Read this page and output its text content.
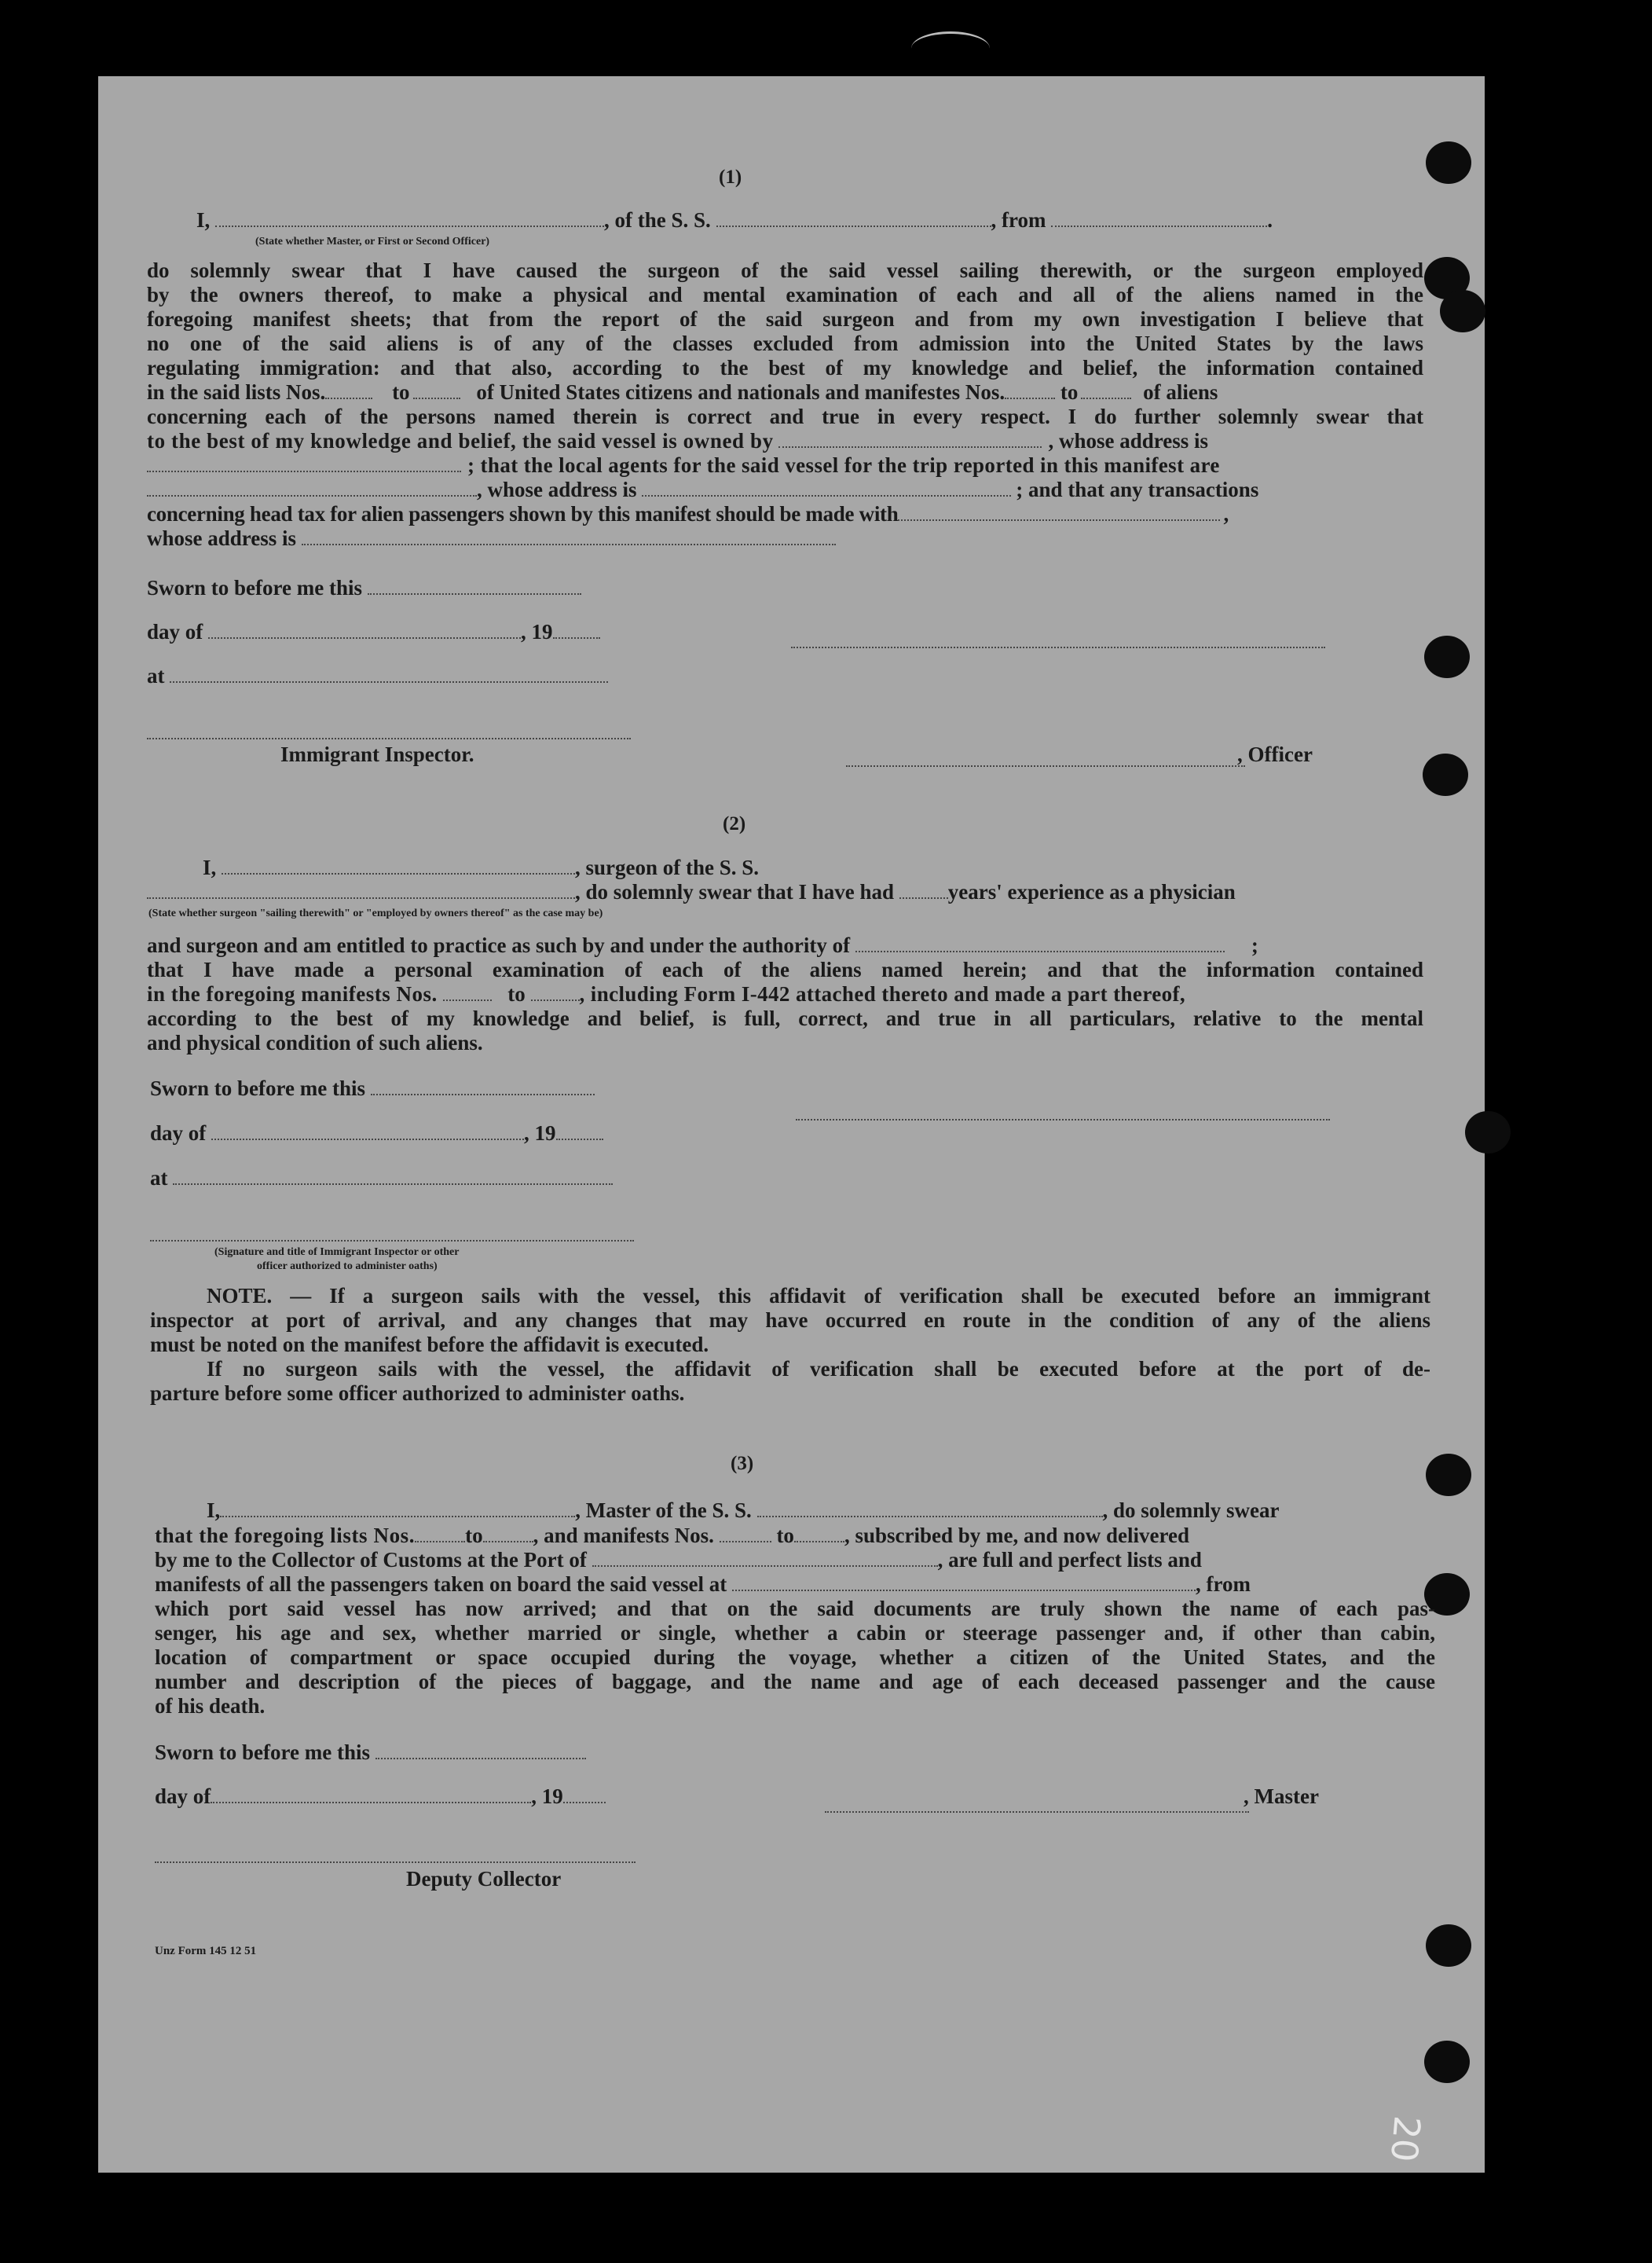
(1)
I,	, of the S. S.	, from	.
(State whether Master, or First or Second Officer)
do solemnly swear that I have caused the surgeon of the said vessel sailing therewith, or the surgeon employed
by the owners thereof, to make a physical and mental examination of each and all of the aliens named in the
foregoing manifest sheets; that from the report of the said surgeon and from my own investigation I believe that
no one of the said aliens is of any of the classes excluded from admission into the United States by the laws
regulating immigration: and that also, according to the best of my knowledge and belief, the information contained
in the said lists Nos.	to	of United States citizens and nationals and manifestes Nos.	to	of aliens
concerning each of the persons named therein is correct and true in every respect. I do further solemnly swear that
to the best of my knowledge and belief, the said vessel is owned by	, whose address is
; that the local agents for the said vessel for the trip reported in this manifest are
, whose address is	; and that any transactions
concerning head tax for alien passengers shown by this manifest should be made with	,
whose address is
Sworn to before me this
day of	, 19
at
Immigrant Inspector.	, Officer
(2)
I,	, surgeon of the S. S.
, do solemnly swear that I have had	years' experience as a physician
(State whether surgeon "sailing therewith" or "employed by owners thereof" as the case may be)
and surgeon and am entitled to practice as such by and under the authority of	;
that I have made a personal examination of each of the aliens named herein; and that the information contained
in the foregoing manifests Nos.	to	, including Form I-442 attached thereto and made a part thereof,
according to the best of my knowledge and belief, is full, correct, and true in all particulars, relative to the mental
and physical condition of such aliens.
Sworn to before me this
day of	, 19
at
(Signature and title of Immigrant Inspector or other
officer authorized to administer oaths)
NOTE. — If a surgeon sails with the vessel, this affidavit of verification shall be executed before an immigrant
inspector at port of arrival, and any changes that may have occurred en route in the condition of any of the aliens
must be noted on the manifest before the affidavit is executed.
If no surgeon sails with the vessel, the affidavit of verification shall be executed before at the port of de-
parture before some officer authorized to administer oaths.
(3)
I,	, Master of the S. S.	, do solemnly swear
that the foregoing lists Nos. to , and manifests Nos.	to , subscribed by me, and now delivered
by me to the Collector of Customs at the Port of	, are full and perfect lists and
manifests of all the passengers taken on board the said vessel at	, from
which port said vessel has now arrived; and that on the said documents are truly shown the name of each pas-
senger, his age and sex, whether married or single, whether a cabin or steerage passenger and, if other than cabin,
location of compartment or space occupied during the voyage, whether a citizen of the United States, and the
number and description of the pieces of baggage, and the name and age of each deceased passenger and the cause
of his death.
Sworn to before me this
day of	, 19	, Master
Deputy Collector
Unz Form 145 12 51
20
